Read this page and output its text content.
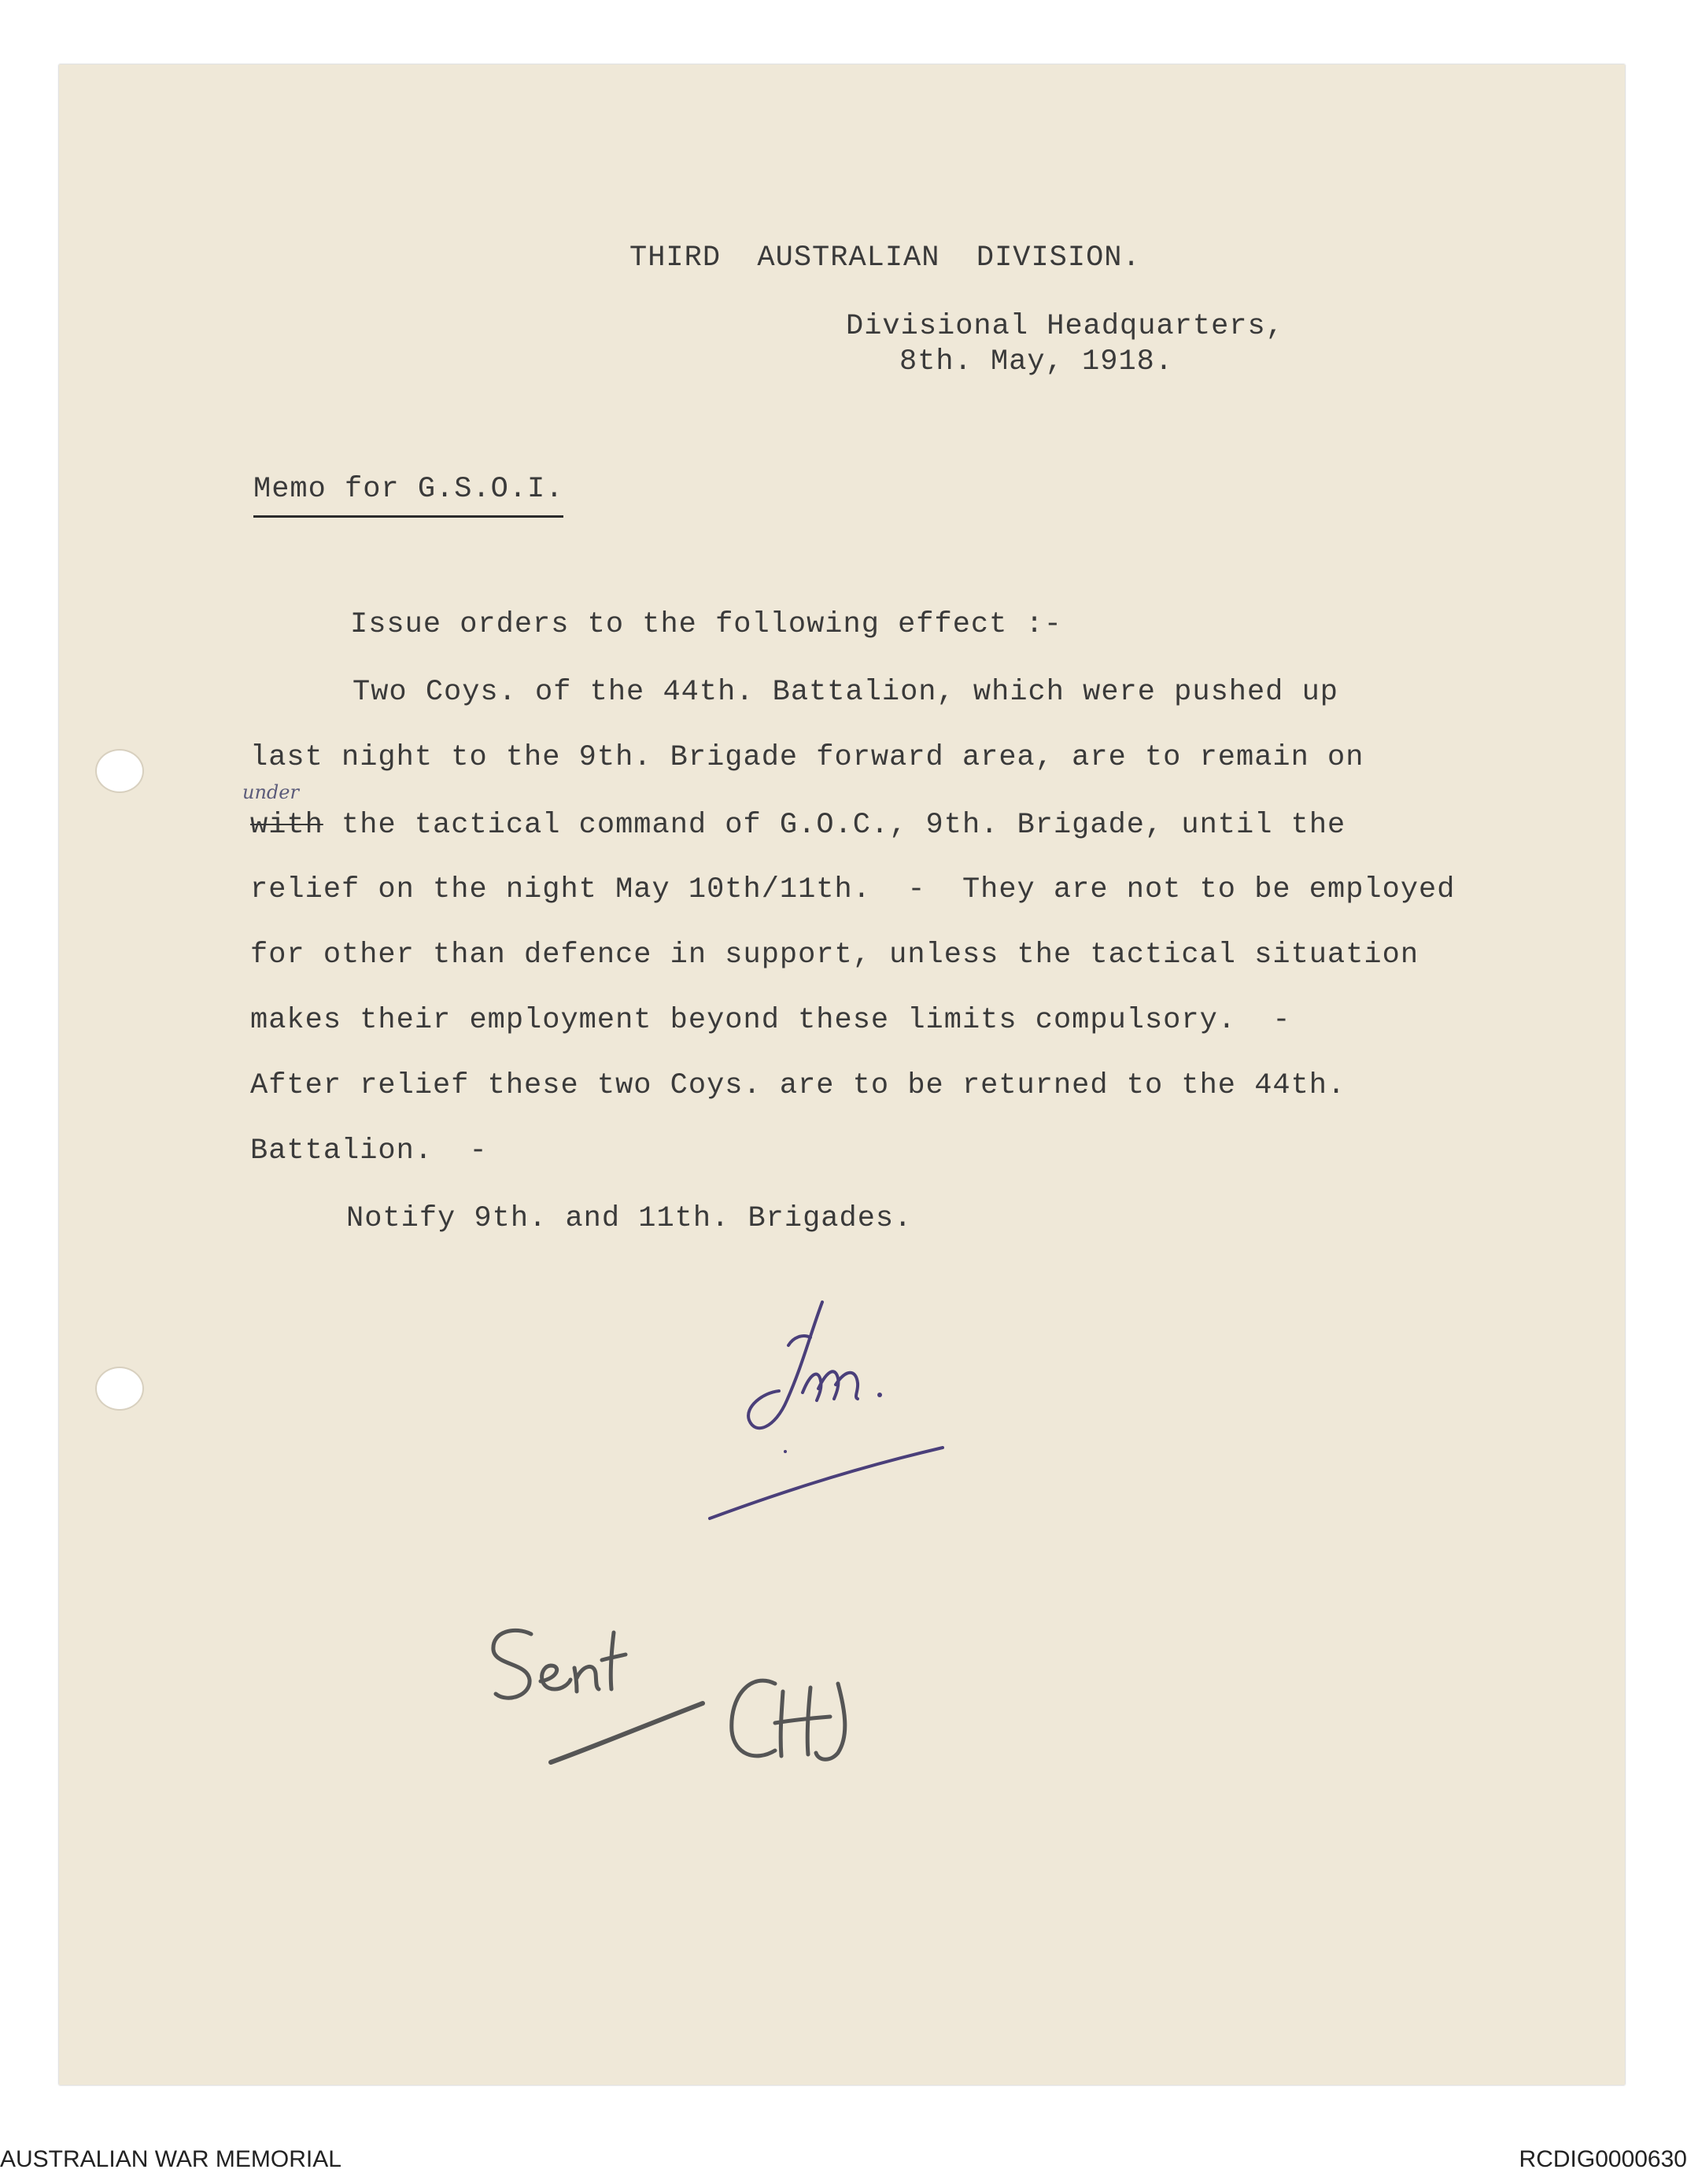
THIRD  AUSTRALIAN  DIVISION.
Divisional Headquarters,
8th. May, 1918.
Memo for G.S.O.I.
Issue orders to the following effect :-
Two Coys. of the 44th. Battalion, which were pushed up
last night to the 9th. Brigade forward area, are to remain on
under
with the tactical command of G.O.C., 9th. Brigade, until the
relief on the night May 10th/11th.  -  They are not to be employed
for other than defence in support, unless the tactical situation
makes their employment beyond these limits compulsory.  -
After relief these two Coys. are to be returned to the 44th.
Battalion.  -
Notify 9th. and 11th. Brigades.
AUSTRALIAN WAR MEMORIAL	RCDIG0000630
